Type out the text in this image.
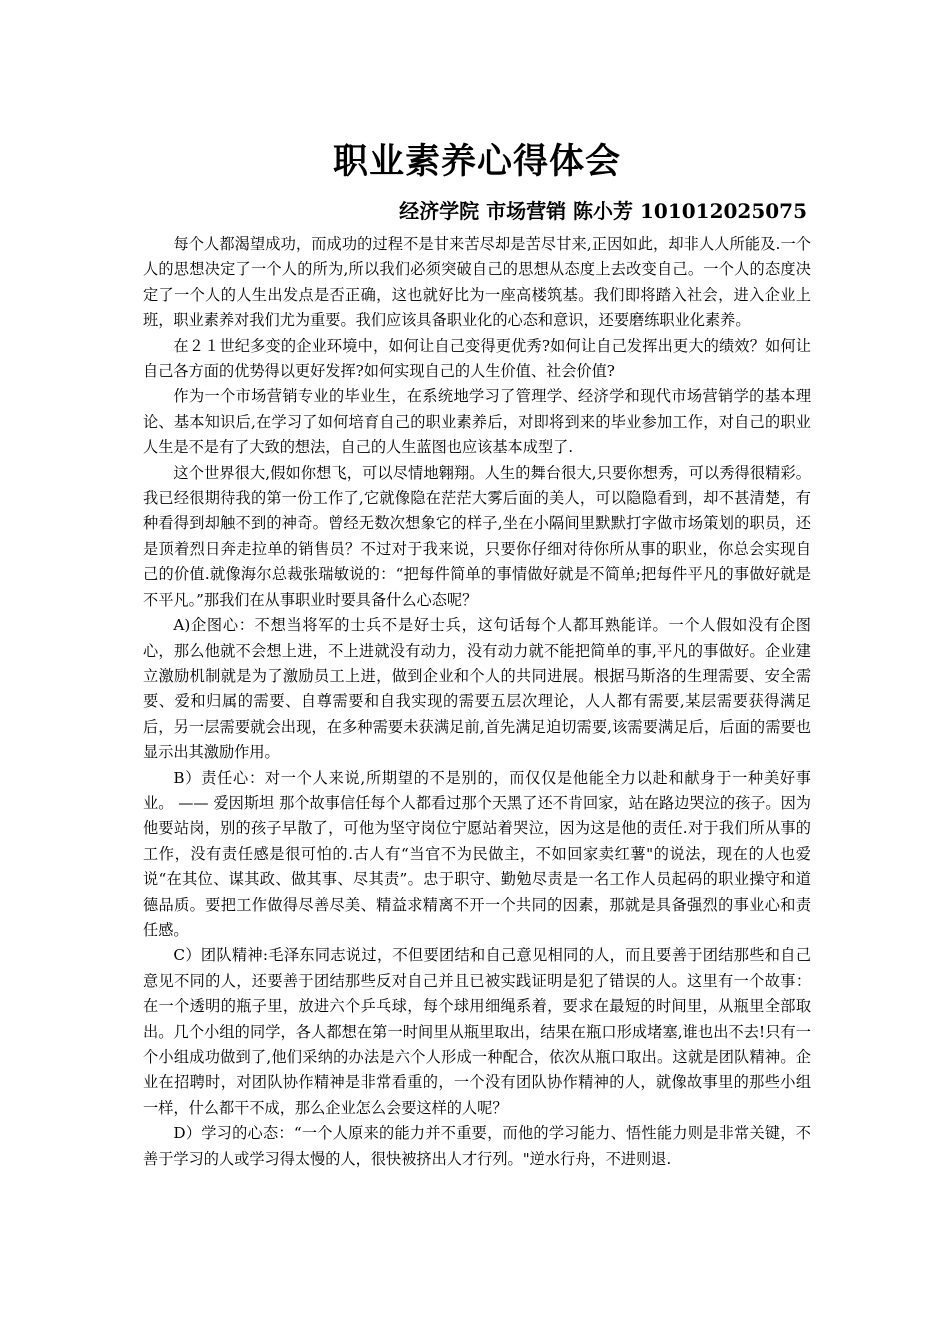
职业素养心得体会
经济学院 市场营销 陈小芳 101012025075

每个人都渴望成功，而成功的过程不是甘来苦尽却是苦尽甘来,正因如此，却非人人所能及.一个人的思想决定了一个人的所为,所以我们必须突破自己的思想从态度上去改变自己。一个人的态度决定了一个人的人生出发点是否正确，这也就好比为一座高楼筑基。我们即将踏入社会，进入企业上班，职业素养对我们尤为重要。我们应该具备职业化的心态和意识，还要磨练职业化素养。

在２１世纪多变的企业环境中，如何让自己变得更优秀?如何让自己发挥出更大的绩效？如何让自己各方面的优势得以更好发挥?如何实现自己的人生价值、社会价值?

作为一个市场营销专业的毕业生，在系统地学习了管理学、经济学和现代市场营销学的基本理论、基本知识后,在学习了如何培育自己的职业素养后，对即将到来的毕业参加工作，对自己的职业人生是不是有了大致的想法，自己的人生蓝图也应该基本成型了.

这个世界很大,假如你想飞，可以尽情地翱翔。人生的舞台很大,只要你想秀，可以秀得很精彩。我已经很期待我的第一份工作了,它就像隐在茫茫大雾后面的美人，可以隐隐看到，却不甚清楚，有种看得到却触不到的神奇。曾经无数次想象它的样子,坐在小隔间里默默打字做市场策划的职员，还是顶着烈日奔走拉单的销售员？不过对于我来说，只要你仔细对待你所从事的职业，你总会实现自己的价值.就像海尔总裁张瑞敏说的：“把每件简单的事情做好就是不简单;把每件平凡的事做好就是不平凡。”那我们在从事职业时要具备什么心态呢？

A)企图心：不想当将军的士兵不是好士兵，这句话每个人都耳熟能详。一个人假如没有企图心，那么他就不会想上进，不上进就没有动力，没有动力就不能把简单的事,平凡的事做好。企业建立激励机制就是为了激励员工上进，做到企业和个人的共同进展。根据马斯洛的生理需要、安全需要、爱和归属的需要、自尊需要和自我实现的需要五层次理论，人人都有需要,某层需要获得满足后，另一层需要就会出现，在多种需要未获满足前,首先满足迫切需要,该需要满足后，后面的需要也显示出其激励作用。

B）责任心：对一个人来说,所期望的不是别的，而仅仅是他能全力以赴和献身于一种美好事业。 —— 爱因斯坦 那个故事信任每个人都看过那个天黑了还不肯回家，站在路边哭泣的孩子。因为他要站岗，别的孩子早散了，可他为坚守岗位宁愿站着哭泣，因为这是他的责任.对于我们所从事的工作，没有责任感是很可怕的.古人有“当官不为民做主，不如回家卖红薯"的说法，现在的人也爱说“在其位、谋其政、做其事、尽其责”。忠于职守、勤勉尽责是一名工作人员起码的职业操守和道德品质。要把工作做得尽善尽美、精益求精离不开一个共同的因素，那就是具备强烈的事业心和责任感。

C）团队精神:毛泽东同志说过，不但要团结和自己意见相同的人，而且要善于团结那些和自己意见不同的人，还要善于团结那些反对自己并且已被实践证明是犯了错误的人。这里有一个故事：在一个透明的瓶子里，放进六个乒乓球，每个球用细绳系着，要求在最短的时间里，从瓶里全部取出。几个小组的同学，各人都想在第一时间里从瓶里取出，结果在瓶口形成堵塞,谁也出不去!只有一个小组成功做到了,他们采纳的办法是六个人形成一种配合，依次从瓶口取出。这就是团队精神。企业在招聘时，对团队协作精神是非常看重的，一个没有团队协作精神的人，就像故事里的那些小组一样，什么都干不成，那么企业怎么会要这样的人呢？

D）学习的心态：“一个人原来的能力并不重要，而他的学习能力、悟性能力则是非常关键，不善于学习的人或学习得太慢的人，很快被挤出人才行列。"逆水行舟，不进则退.
